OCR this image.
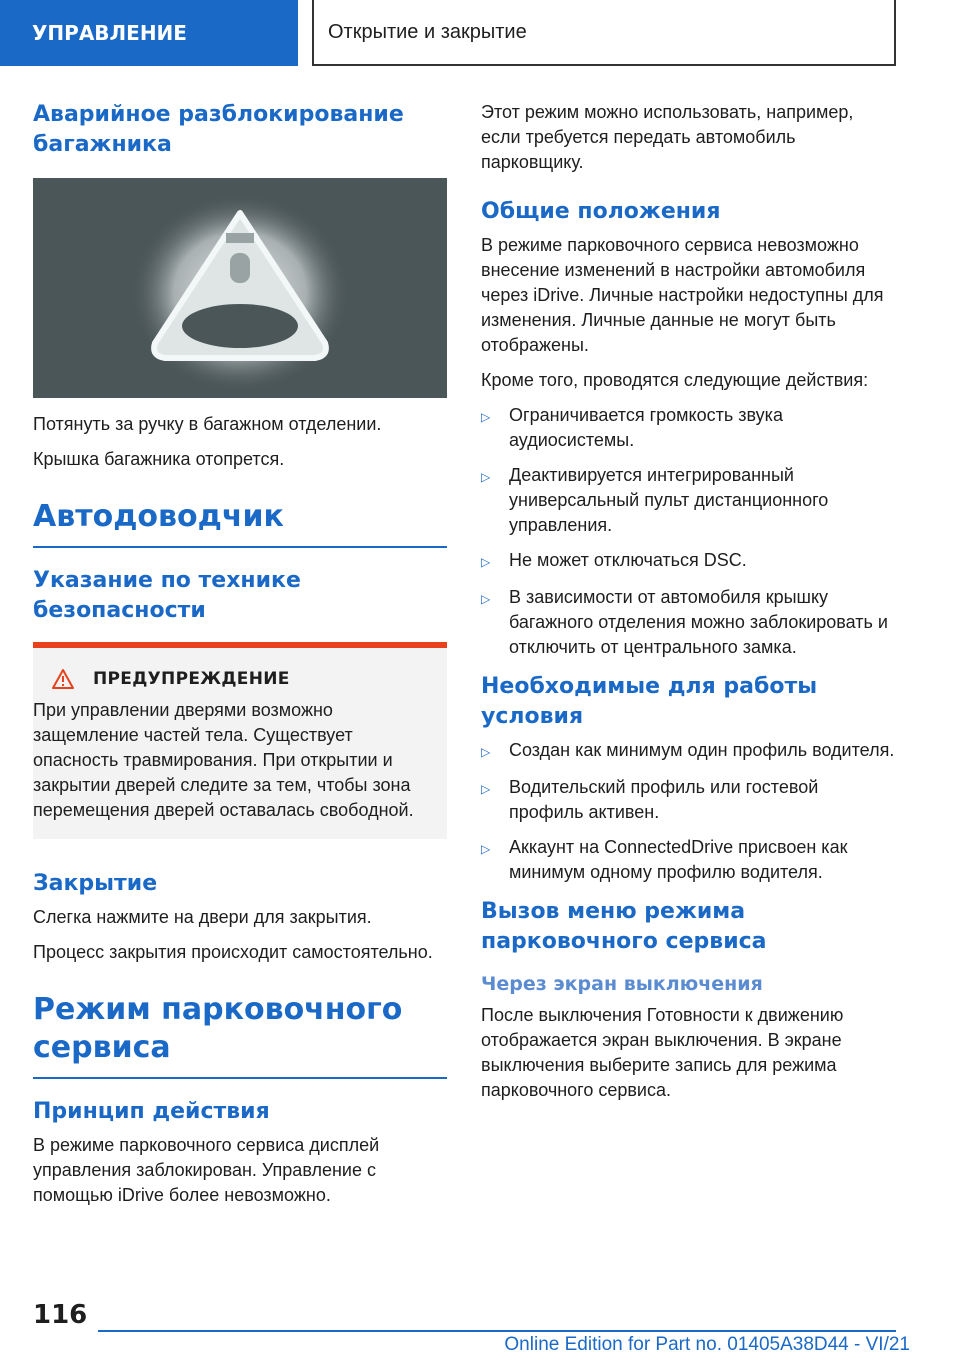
УПРАВЛЕНИЕ	Открытие и закрытие
Аварийное разблокирование багажника

Потянуть за ручку в багажном отделении.

Крышка багажника отопрется.

Автодоводчик
Указание по технике безопасности
ПРЕДУПРЕЖДЕНИЕ

При управлении дверями возможно защемление частей тела. Существует опасность травмирования. При открытии и закрытии дверей следите за тем, чтобы зона перемещения дверей оставалась свободной.

Закрытие

Слегка нажмите на двери для закрытия.

Процесс закрытия происходит самостоятельно.

Режим парковочного сервиса
Принцип действия

В режиме парковочного сервиса дисплей управления заблокирован. Управление с помощью iDrive более невозможно.

Этот режим можно использовать, например, если требуется передать автомобиль парковщику.

Общие положения

В режиме парковочного сервиса невозможно внесение изменений в настройки автомобиля через iDrive. Личные настройки недоступны для изменения. Личные данные не могут быть отображены.

Кроме того, проводятся следующие действия:

▷	Ограничивается громкость звука аудиосистемы.
▷	Деактивируется интегрированный универсальный пульт дистанционного управления.
▷	Не может отключаться DSC.
▷	В зависимости от автомобиля крышку багажного отделения можно заблокировать и отключить от центрального замка.
Необходимые для работы условия
▷	Создан как минимум один профиль водителя.
▷	Водительский профиль или гостевой профиль активен.
▷	Аккаунт на ConnectedDrive присвоен как минимум одному профилю водителя.
Вызов меню режима парковочного сервиса
Через экран выключения

После выключения Готовности к движению отображается экран выключения. В экране выключения выберите запись для режима парковочного сервиса.

116
Online Edition for Part no. 01405A38D44 - VI/21
